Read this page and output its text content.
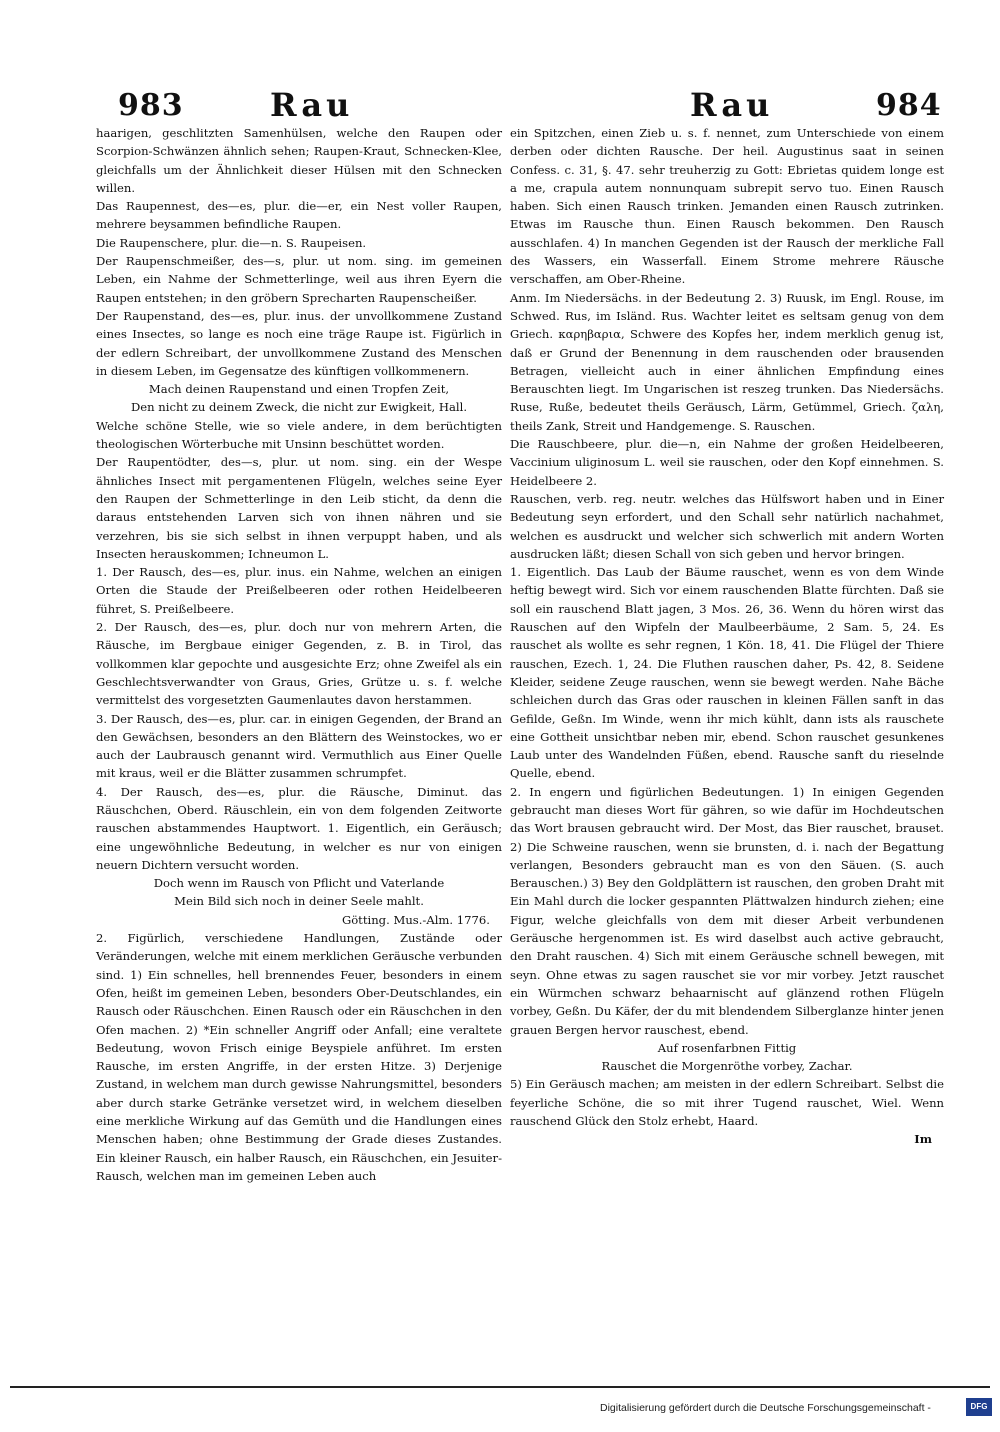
983	Rau	Rau	984

haarigen, geschlitzten Samenhülsen, welche den Raupen oder Scorpion-Schwänzen ähnlich sehen; Raupen-Kraut, Schnecken-Klee, gleichfalls um der Ähnlichkeit dieser Hülsen mit den Schnecken willen.

Das Raupennest, des—es, plur. die—er, ein Nest voller Raupen, mehrere beysammen befindliche Raupen.

Die Raupenschere, plur. die—n. S. Raupeisen.

Der Raupenschmeißer, des—s, plur. ut nom. sing. im gemeinen Leben, ein Nahme der Schmetterlinge, weil aus ihren Eyern die Raupen entstehen; in den gröbern Sprecharten Raupenscheißer.

Der Raupenstand, des—es, plur. inus. der unvollkommene Zustand eines Insectes, so lange es noch eine träge Raupe ist. Figürlich in der edlern Schreibart, der unvollkommene Zustand des Menschen in diesem Leben, im Gegensatze des künftigen vollkommenern.

Mach deinen Raupenstand und einen Tropfen Zeit,

Den nicht zu deinem Zweck, die nicht zur Ewigkeit, Hall.

Welche schöne Stelle, wie so viele andere, in dem berüchtigten theologischen Wörterbuche mit Unsinn beschüttet worden.

Der Raupentödter, des—s, plur. ut nom. sing. ein der Wespe ähnliches Insect mit pergamentenen Flügeln, welches seine Eyer den Raupen der Schmetterlinge in den Leib sticht, da denn die daraus entstehenden Larven sich von ihnen nähren und sie verzehren, bis sie sich selbst in ihnen verpuppt haben, und als Insecten herauskommen; Ichneumon L.

1. Der Rausch, des—es, plur. inus. ein Nahme, welchen an einigen Orten die Staude der Preißelbeeren oder rothen Heidelbeeren führet, S. Preißelbeere.

2. Der Rausch, des—es, plur. doch nur von mehrern Arten, die Räusche, im Bergbaue einiger Gegenden, z. B. in Tirol, das vollkommen klar gepochte und ausgesichte Erz; ohne Zweifel als ein Geschlechtsverwandter von Graus, Gries, Grütze u. s. f. welche vermittelst des vorgesetzten Gaumenlautes davon herstammen.

3. Der Rausch, des—es, plur. car. in einigen Gegenden, der Brand an den Gewächsen, besonders an den Blättern des Weinstockes, wo er auch der Laubrausch genannt wird. Vermuthlich aus Einer Quelle mit kraus, weil er die Blätter zusammen schrumpfet.

4. Der Rausch, des—es, plur. die Räusche, Diminut. das Räuschchen, Oberd. Räuschlein, ein von dem folgenden Zeitworte rauschen abstammendes Hauptwort. 1. Eigentlich, ein Geräusch; eine ungewöhnliche Bedeutung, in welcher es nur von einigen neuern Dichtern versucht worden.

Doch wenn im Rausch von Pflicht und Vaterlande

Mein Bild sich noch in deiner Seele mahlt.

Götting. Mus.-Alm. 1776.

2. Figürlich, verschiedene Handlungen, Zustände oder Veränderungen, welche mit einem merklichen Geräusche verbunden sind. 1) Ein schnelles, hell brennendes Feuer, besonders in einem Ofen, heißt im gemeinen Leben, besonders Ober-Deutschlandes, ein Rausch oder Räuschchen. Einen Rausch oder ein Räuschchen in den Ofen machen. 2) *Ein schneller Angriff oder Anfall; eine veraltete Bedeutung, wovon Frisch einige Beyspiele anführet. Im ersten Rausche, im ersten Angriffe, in der ersten Hitze. 3) Derjenige Zustand, in welchem man durch gewisse Nahrungsmittel, besonders aber durch starke Getränke versetzet wird, in welchem dieselben eine merkliche Wirkung auf das Gemüth und die Handlungen eines Menschen haben; ohne Bestimmung der Grade dieses Zustandes. Ein kleiner Rausch, ein halber Rausch, ein Räuschchen, ein Jesuiter-Rausch, welchen man im gemeinen Leben auch

ein Spitzchen, einen Zieb u. s. f. nennet, zum Unterschiede von einem derben oder dichten Rausche. Der heil. Augustinus saat in seinen Confess. c. 31, §. 47. sehr treuherzig zu Gott: Ebrietas quidem longe est a me, crapula autem nonnunquam subrepit servo tuo. Einen Rausch haben. Sich einen Rausch trinken. Jemanden einen Rausch zutrinken. Etwas im Rausche thun. Einen Rausch bekommen. Den Rausch ausschlafen. 4) In manchen Gegenden ist der Rausch der merkliche Fall des Wassers, ein Wasserfall. Einem Strome mehrere Räusche verschaffen, am Ober-Rheine.

Anm. Im Niedersächs. in der Bedeutung 2. 3) Ruusk, im Engl. Rouse, im Schwed. Rus, im Isländ. Rus. Wachter leitet es seltsam genug von dem Griech. καρηβαρια, Schwere des Kopfes her, indem merklich genug ist, daß er Grund der Benennung in dem rauschenden oder brausenden Betragen, vielleicht auch in einer ähnlichen Empfindung eines Berauschten liegt. Im Ungarischen ist reszeg trunken. Das Niedersächs. Ruse, Ruße, bedeutet theils Geräusch, Lärm, Getümmel, Griech. ζαλη, theils Zank, Streit und Handgemenge. S. Rauschen.

Die Rauschbeere, plur. die—n, ein Nahme der großen Heidelbeeren, Vaccinium uliginosum L. weil sie rauschen, oder den Kopf einnehmen. S. Heidelbeere 2.

Rauschen, verb. reg. neutr. welches das Hülfswort haben und in Einer Bedeutung seyn erfordert, und den Schall sehr natürlich nachahmet, welchen es ausdruckt und welcher sich schwerlich mit andern Worten ausdrucken läßt; diesen Schall von sich geben und hervor bringen.

1. Eigentlich. Das Laub der Bäume rauschet, wenn es von dem Winde heftig bewegt wird. Sich vor einem rauschenden Blatte fürchten. Daß sie soll ein rauschend Blatt jagen, 3 Mos. 26, 36. Wenn du hören wirst das Rauschen auf den Wipfeln der Maulbeerbäume, 2 Sam. 5, 24. Es rauschet als wollte es sehr regnen, 1 Kön. 18, 41. Die Flügel der Thiere rauschen, Ezech. 1, 24. Die Fluthen rauschen daher, Ps. 42, 8. Seidene Kleider, seidene Zeuge rauschen, wenn sie bewegt werden. Nahe Bäche schleichen durch das Gras oder rauschen in kleinen Fällen sanft in das Gefilde, Geßn. Im Winde, wenn ihr mich kühlt, dann ists als rauschete eine Gottheit unsichtbar neben mir, ebend. Schon rauschet gesunkenes Laub unter des Wandelnden Füßen, ebend. Rausche sanft du rieselnde Quelle, ebend.

2. In engern und figürlichen Bedeutungen. 1) In einigen Gegenden gebraucht man dieses Wort für gähren, so wie dafür im Hochdeutschen das Wort brausen gebraucht wird. Der Most, das Bier rauschet, brauset. 2) Die Schweine rauschen, wenn sie brunsten, d. i. nach der Begattung verlangen, Besonders gebraucht man es von den Säuen. (S. auch Berauschen.) 3) Bey den Goldplättern ist rauschen, den groben Draht mit Ein Mahl durch die locker gespannten Plättwalzen hindurch ziehen; eine Figur, welche gleichfalls von dem mit dieser Arbeit verbundenen Geräusche hergenommen ist. Es wird daselbst auch active gebraucht, den Draht rauschen. 4) Sich mit einem Geräusche schnell bewegen, mit seyn. Ohne etwas zu sagen rauschet sie vor mir vorbey. Jetzt rauschet ein Würmchen schwarz behaarnischt auf glänzend rothen Flügeln vorbey, Geßn. Du Käfer, der du mit blendendem Silberglanze hinter jenen grauen Bergen hervor rauschest, ebend.

Auf rosenfarbnen Fittig

Rauschet die Morgenröthe vorbey, Zachar.

5) Ein Geräusch machen; am meisten in der edlern Schreibart. Selbst die feyerliche Schöne, die so mit ihrer Tugend rauschet, Wiel. Wenn rauschend Glück den Stolz erhebt, Haard.

Im

Digitalisierung gefördert durch die Deutsche Forschungsgemeinschaft -	DFG
